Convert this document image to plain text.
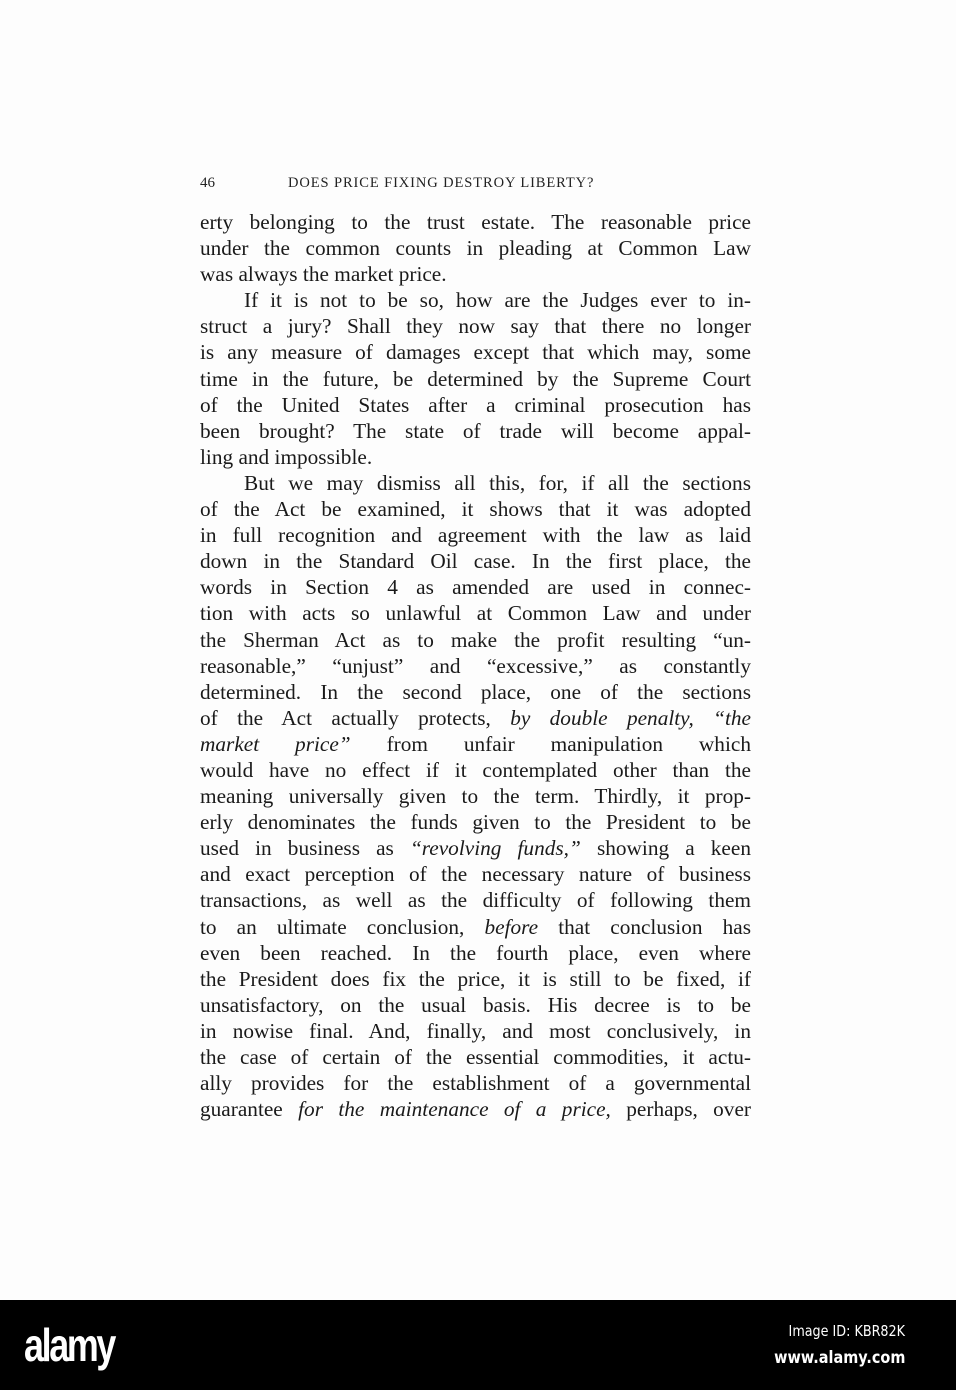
46	DOES PRICE FIXING DESTROY LIBERTY?
erty belonging to the trust estate. The reasonable price
under the common counts in pleading at Common Law
was always the market price.
If it is not to be so, how are the Judges ever to in-
struct a jury? Shall they now say that there no longer
is any measure of damages except that which may, some
time in the future, be determined by the Supreme Court
of the United States after a criminal prosecution has
been brought? The state of trade will become appal-
ling and impossible.
But we may dismiss all this, for, if all the sections
of the Act be examined, it shows that it was adopted
in full recognition and agreement with the law as laid
down in the Standard Oil case. In the first place, the
words in Section 4 as amended are used in connec-
tion with acts so unlawful at Common Law and under
the Sherman Act as to make the profit resulting “un-
reasonable,” “unjust” and “excessive,” as constantly
determined. In the second place, one of the sections
of the Act actually protects, by double penalty, “the
market price” from unfair manipulation which
would have no effect if it contemplated other than the
meaning universally given to the term. Thirdly, it prop-
erly denominates the funds given to the President to be
used in business as “revolving funds,” showing a keen
and exact perception of the necessary nature of business
transactions, as well as the difficulty of following them
to an ultimate conclusion, before that conclusion has
even been reached. In the fourth place, even where
the President does fix the price, it is still to be fixed, if
unsatisfactory, on the usual basis. His decree is to be
in nowise final. And, finally, and most conclusively, in
the case of certain of the essential commodities, it actu-
ally provides for the establishment of a governmental
guarantee for the maintenance of a price, perhaps, over
alamy	Image ID: KBR82K
www.alamy.com
